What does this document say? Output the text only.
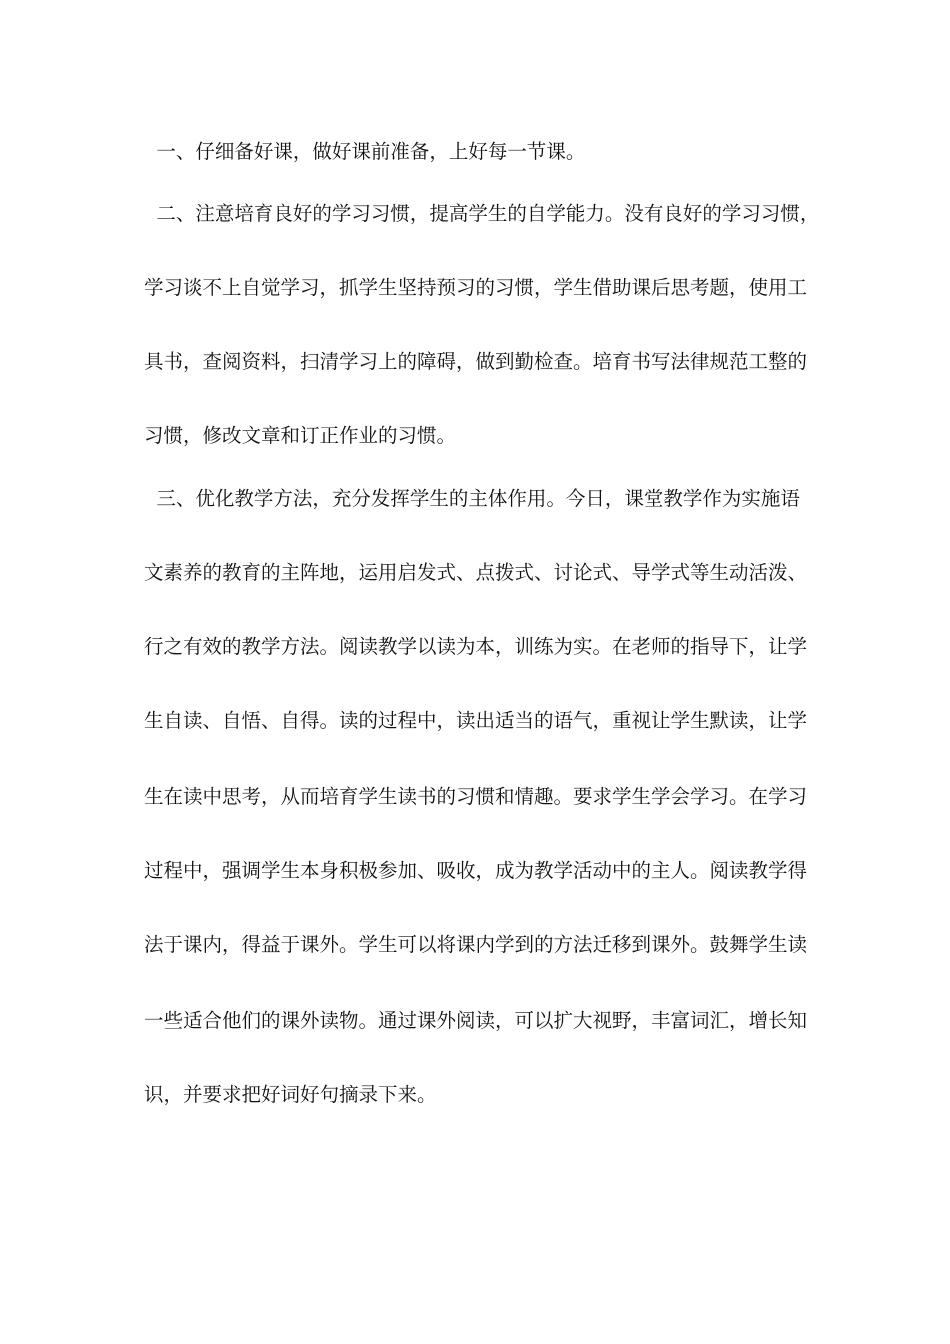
一、仔细备好课，做好课前准备，上好每一节课。
二、注意培育良好的学习习惯，提高学生的自学能力。没有良好的学习习惯，
学习谈不上自觉学习，抓学生坚持预习的习惯，学生借助课后思考题，使用工
具书，查阅资料，扫清学习上的障碍，做到勤检查。培育书写法律规范工整的
习惯，修改文章和订正作业的习惯。
三、优化教学方法，充分发挥学生的主体作用。今日，课堂教学作为实施语
文素养的教育的主阵地，运用启发式、点拨式、讨论式、导学式等生动活泼、
行之有效的教学方法。阅读教学以读为本，训练为实。在老师的指导下，让学
生自读、自悟、自得。读的过程中，读出适当的语气，重视让学生默读，让学
生在读中思考，从而培育学生读书的习惯和情趣。要求学生学会学习。在学习
过程中，强调学生本身积极参加、吸收，成为教学活动中的主人。阅读教学得
法于课内，得益于课外。学生可以将课内学到的方法迁移到课外。鼓舞学生读
一些适合他们的课外读物。通过课外阅读，可以扩大视野，丰富词汇，增长知
识，并要求把好词好句摘录下来。
